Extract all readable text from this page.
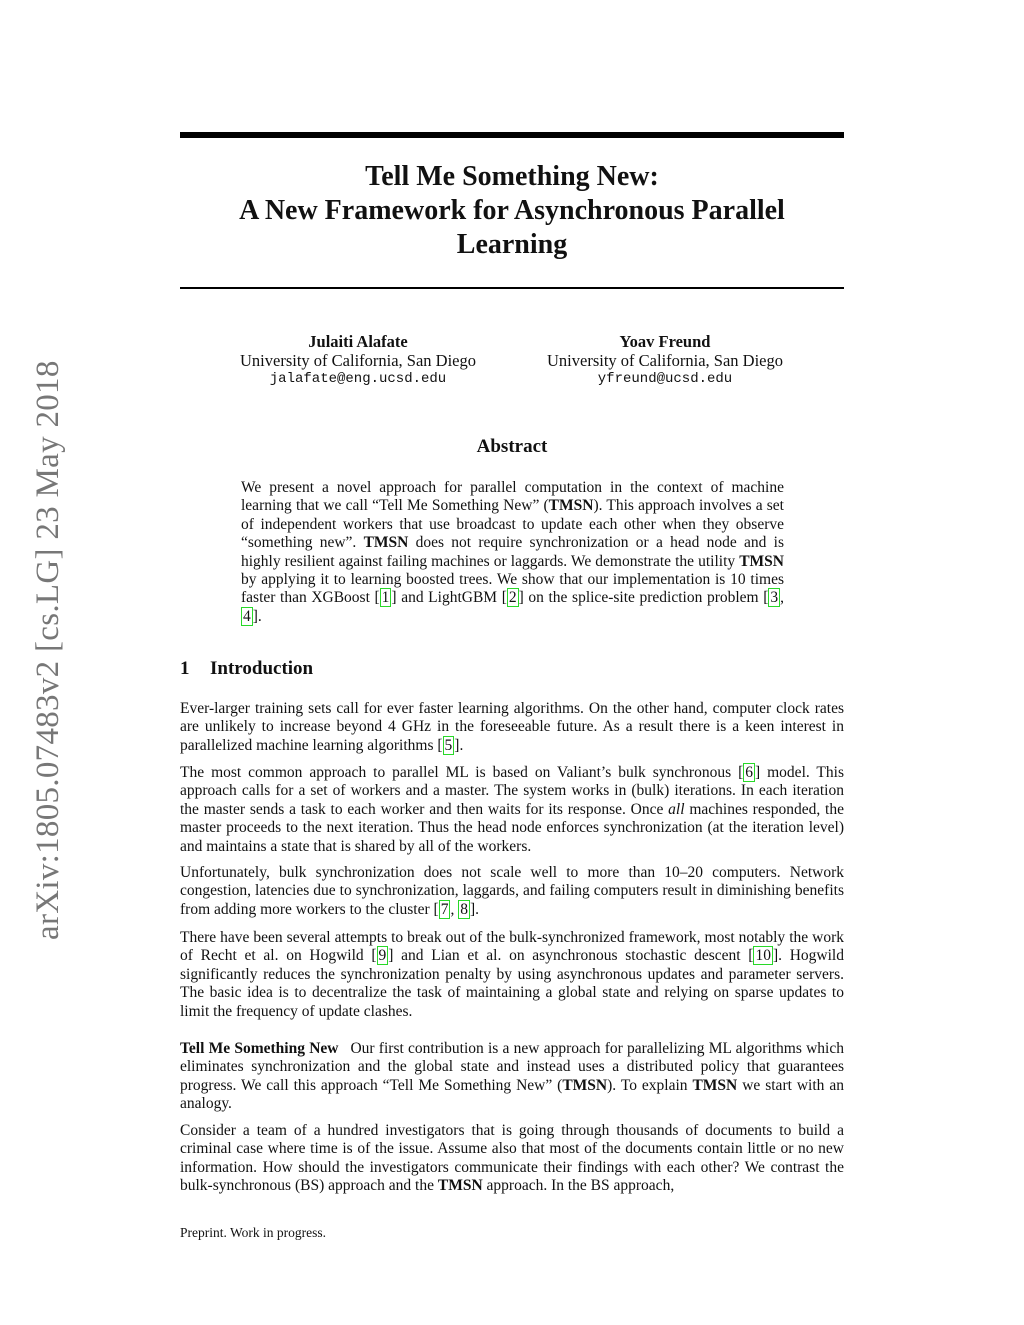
arXiv:1805.07483v2 [cs.LG] 23 May 2018
Tell Me Something New:
A New Framework for Asynchronous Parallel
Learning
Julaiti Alafate
University of California, San Diego
jalafate@eng.ucsd.edu
Yoav Freund
University of California, San Diego
yfreund@ucsd.edu
Abstract

We present a novel approach for parallel computation in the context of machine learning that we call “Tell Me Something New” (TMSN). This approach involves a set of independent workers that use broadcast to update each other when they observe “something new”. TMSN does not require synchronization or a head node and is highly resilient against failing machines or laggards. We demonstrate the utility TMSN by applying it to learning boosted trees. We show that our implementation is 10 times faster than XGBoost [ 1 ] and LightGBM [ 2 ] on the splice-site prediction problem [ 3 , 4 ].

1 Introduction

Ever-larger training sets call for ever faster learning algorithms. On the other hand, computer clock rates are unlikely to increase beyond 4 GHz in the foreseeable future. As a result there is a keen interest in parallelized machine learning algorithms [ 5 ].

The most common approach to parallel ML is based on Valiant’s bulk synchronous [ 6 ] model. This approach calls for a set of workers and a master. The system works in (bulk) iterations. In each iteration the master sends a task to each worker and then waits for its response. Once all machines responded, the master proceeds to the next iteration. Thus the head node enforces synchronization (at the iteration level) and maintains a state that is shared by all of the workers.

Unfortunately, bulk synchronization does not scale well to more than 10–20 computers. Network congestion, latencies due to synchronization, laggards, and failing computers result in diminishing benefits from adding more workers to the cluster [ 7 , 8 ].

There have been several attempts to break out of the bulk-synchronized framework, most notably the work of Recht et al. on Hogwild [ 9 ] and Lian et al. on asynchronous stochastic descent [ 10 ]. Hogwild significantly reduces the synchronization penalty by using asynchronous updates and parameter servers. The basic idea is to decentralize the task of maintaining a global state and relying on sparse updates to limit the frequency of update clashes.

Tell Me Something New Our first contribution is a new approach for parallelizing ML algorithms which eliminates synchronization and the global state and instead uses a distributed policy that guarantees progress. We call this approach “Tell Me Something New” (TMSN). To explain TMSN we start with an analogy.

Consider a team of a hundred investigators that is going through thousands of documents to build a criminal case where time is of the issue. Assume also that most of the documents contain little or no new information. How should the investigators communicate their findings with each other? We contrast the bulk-synchronous (BS) approach and the TMSN approach. In the BS approach,

Preprint. Work in progress.
